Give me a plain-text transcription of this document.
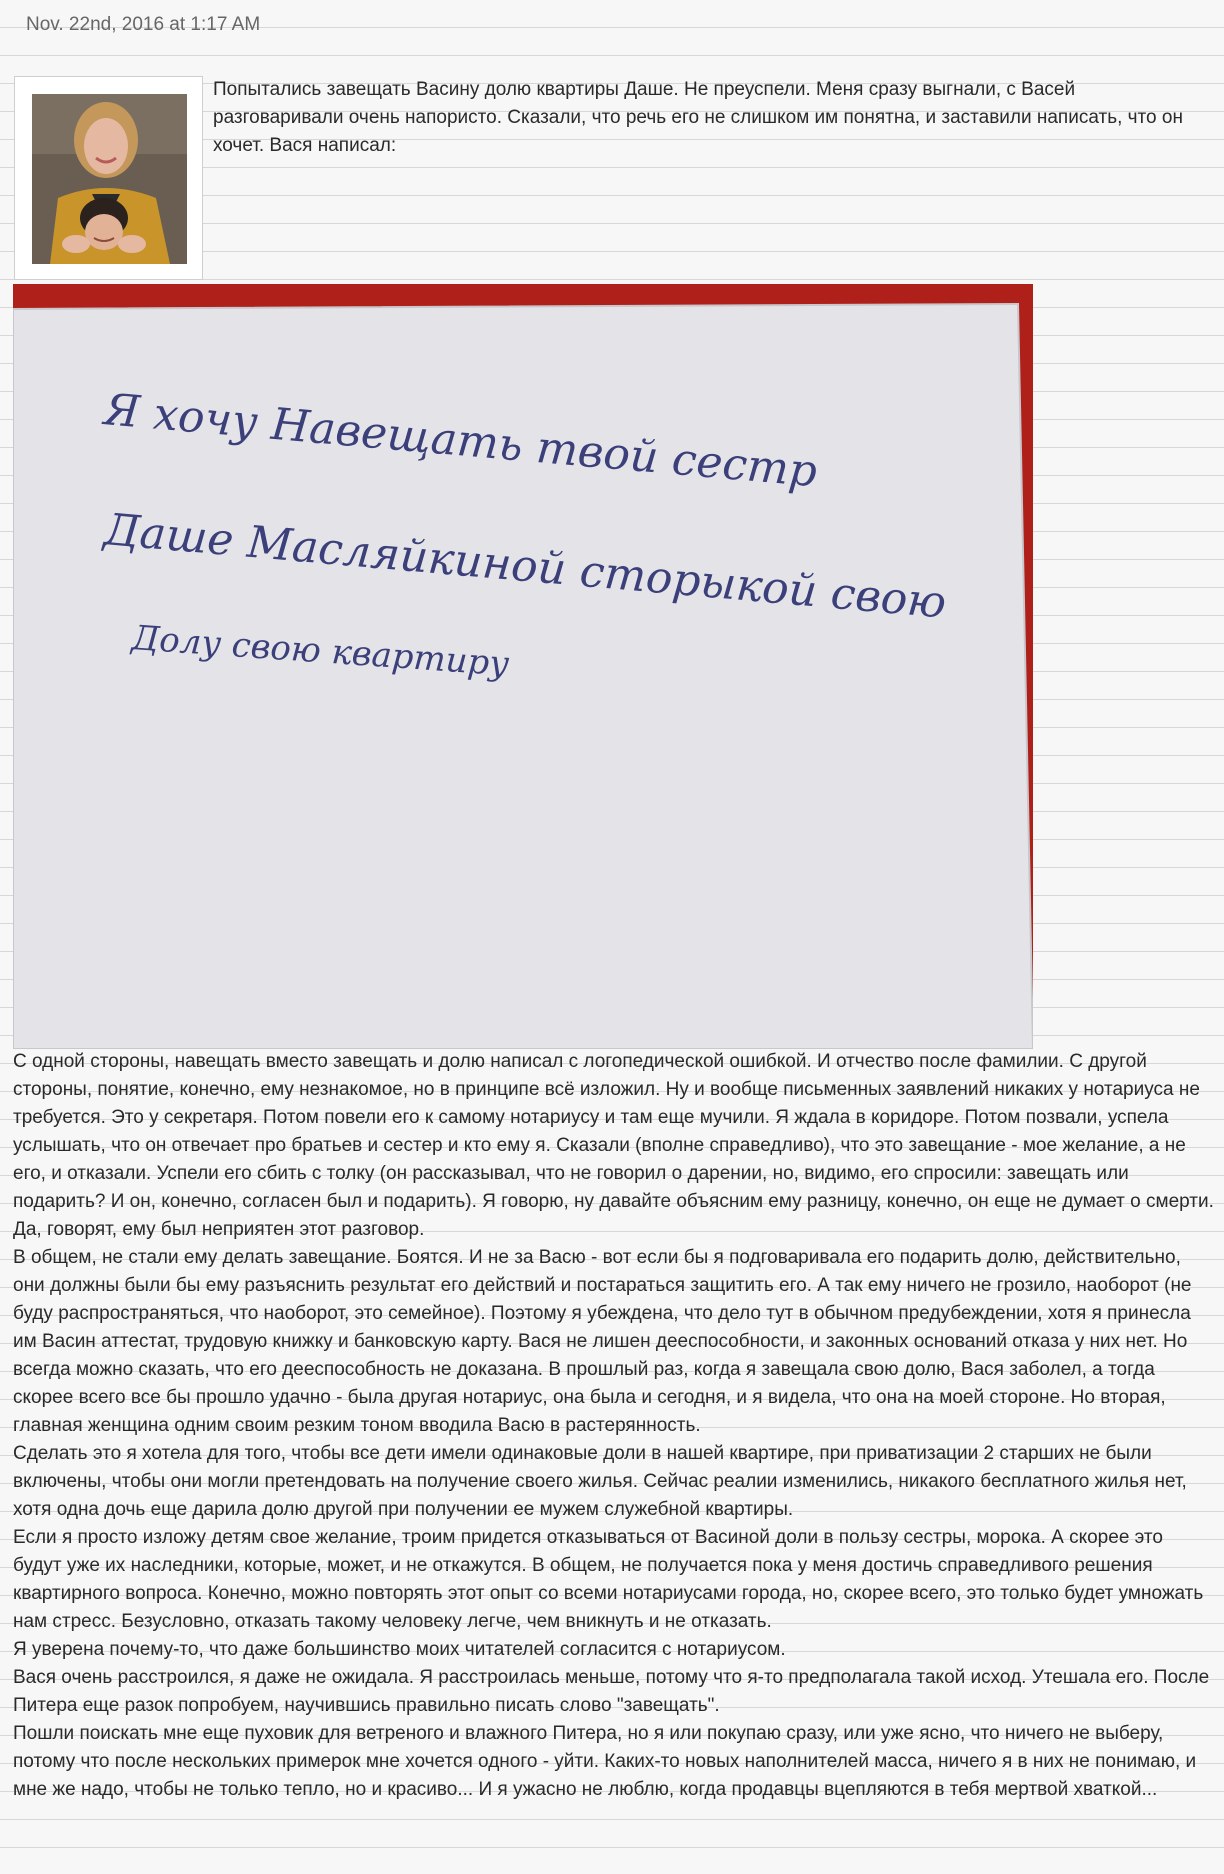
Nov. 22nd, 2016 at 1:17 AM
Попытались завещать Васину долю квартиры Даше. Не преуспели. Меня сразу выгнали, с Васей разговаривали очень напористо. Сказали, что речь его не слишком им понятна, и заставили написать, что он хочет. Вася написал:
Я хочу Навещать твой сестр
Даше Масляйкиной сторыкой свою
Долу свою квартиру

С одной стороны, навещать вместо завещать и долю написал с логопедической ошибкой. И отчество после фамилии. С другой стороны, понятие, конечно, ему незнакомое, но в принципе всё изложил. Ну и вообще письменных заявлений никаких у нотариуса не требуется. Это у секретаря. Потом повели его к самому нотариусу и там еще мучили. Я ждала в коридоре. Потом позвали, успела услышать, что он отвечает про братьев и сестер и кто ему я. Сказали (вполне справедливо), что это завещание - мое желание, а не его, и отказали. Успели его сбить с толку (он рассказывал, что не говорил о дарении, но, видимо, его спросили: завещать или подарить? И он, конечно, согласен был и подарить). Я говорю, ну давайте объясним ему разницу, конечно, он еще не думает о смерти. Да, говорят, ему был неприятен этот разговор.

В общем, не стали ему делать завещание. Боятся. И не за Васю - вот если бы я подговаривала его подарить долю, действительно, они должны были бы ему разъяснить результат его действий и постараться защитить его. А так ему ничего не грозило, наоборот (не буду распространяться, что наоборот, это семейное). Поэтому я убеждена, что дело тут в обычном предубеждении, хотя я принесла им Васин аттестат, трудовую книжку и банковскую карту. Вася не лишен дееспособности, и законных оснований отказа у них нет. Но всегда можно сказать, что его дееспособность не доказана. В прошлый раз, когда я завещала свою долю, Вася заболел, а тогда скорее всего все бы прошло удачно - была другая нотариус, она была и сегодня, и я видела, что она на моей стороне. Но вторая, главная женщина одним своим резким тоном вводила Васю в растерянность.

Сделать это я хотела для того, чтобы все дети имели одинаковые доли в нашей квартире, при приватизации 2 старших не были включены, чтобы они могли претендовать на получение своего жилья. Сейчас реалии изменились, никакого бесплатного жилья нет, хотя одна дочь еще дарила долю другой при получении ее мужем служебной квартиры.

Если я просто изложу детям свое желание, троим придется отказываться от Васиной доли в пользу сестры, морока. А скорее это будут уже их наследники, которые, может, и не откажутся. В общем, не получается пока у меня достичь справедливого решения квартирного вопроса. Конечно, можно повторять этот опыт со всеми нотариусами города, но, скорее всего, это только будет умножать нам стресс. Безусловно, отказать такому человеку легче, чем вникнуть и не отказать.

Я уверена почему-то, что даже большинство моих читателей согласится с нотариусом.

Вася очень расстроился, я даже не ожидала. Я расстроилась меньше, потому что я-то предполагала такой исход. Утешала его. После Питера еще разок попробуем, научившись правильно писать слово "завещать".

Пошли поискать мне еще пуховик для ветреного и влажного Питера, но я или покупаю сразу, или уже ясно, что ничего не выберу, потому что после нескольких примерок мне хочется одного - уйти. Каких-то новых наполнителей масса, ничего я в них не понимаю, и мне же надо, чтобы не только тепло, но и красиво... И я ужасно не люблю, когда продавцы вцепляются в тебя мертвой хваткой...
